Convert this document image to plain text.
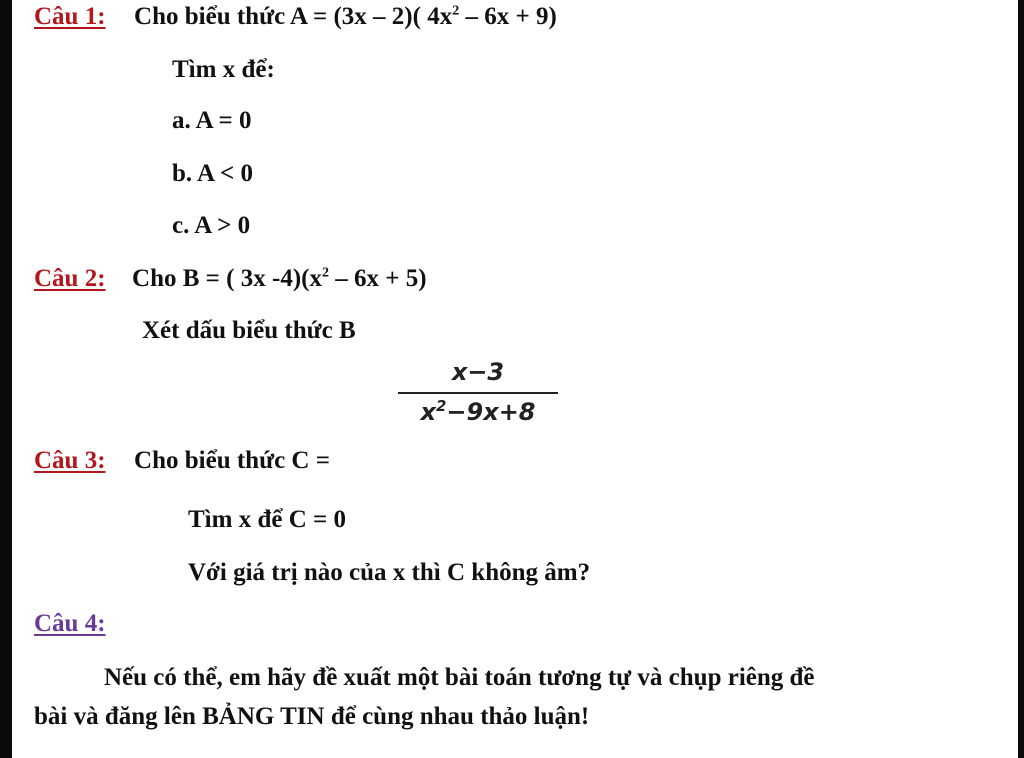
Câu 1: Cho biểu thức A = (3x – 2)( $4x^2 - 6x + 9$)
Tìm x để:
a. A = 0
b. A < 0
c. A > 0
Câu 2: Cho B = ( 3x $-4)(x^2 - 6x + 5)$
Xét dấu biểu thức B
x−3
$x^2-9x+8$
Câu 3: Cho biểu thức C =
Tìm x để C = 0
Với giá trị nào của x thì C không âm?
Câu 4:
Nếu có thể, em hãy đề xuất một bài toán tương tự và chụp riêng đề
bài và đăng lên BẢNG TIN để cùng nhau thảo luận!
